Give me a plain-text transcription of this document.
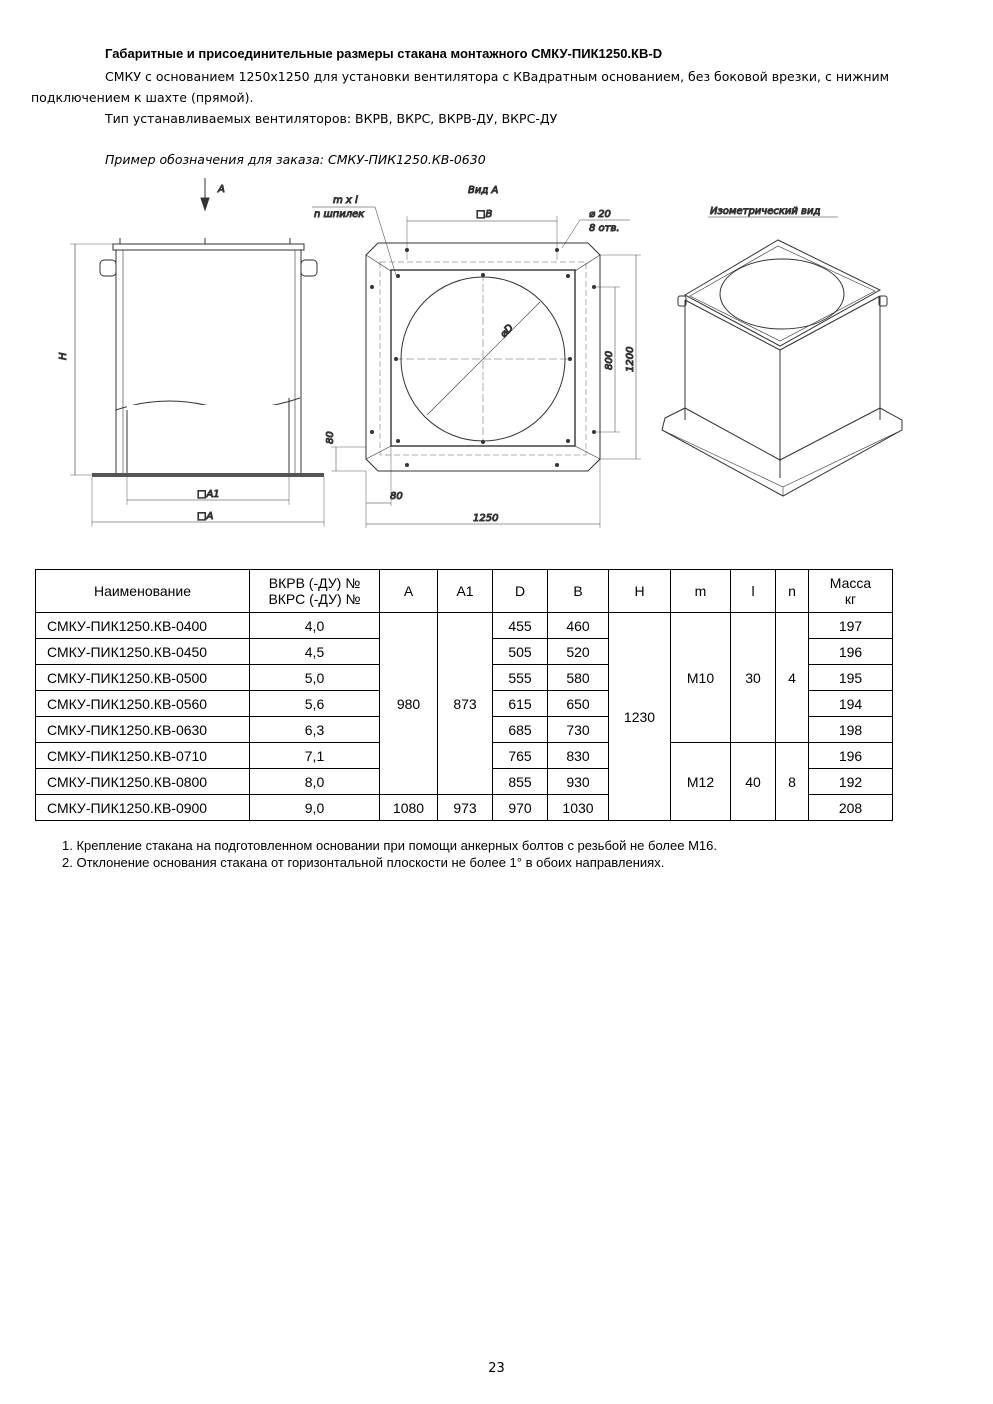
Габаритные и присоединительные размеры стакана монтажного СМКУ-ПИК1250.КВ-D
СМКУ с основанием 1250х1250 для установки вентилятора с КВадратным основанием, без боковой врезки, с нижним
подключением к шахте (прямой).
Тип устанавливаемых вентиляторов: ВКРВ, ВКРС, ВКРВ-ДУ, ВКРС-ДУ
Пример обозначения для заказа: СМКУ-ПИК1250.КВ-0630
A
H
□A1
□A
Вид A
m x l
n шпилек	□B	⌀ 20
8 отв.
⌀D
800 1200
80
80
1250
Изометрический вид
Наименование	ВКРВ (-ДУ) №
ВКРС (-ДУ) №	A	A1	D	B	H	m	l	n	Масса
кг
СМКУ-ПИК1250.КВ-0400	4,0	980	873	455	460	1230	M10	30	4	197
СМКУ-ПИК1250.КВ-0450	4,5			505	520					196
СМКУ-ПИК1250.КВ-0500	5,0			555	580					195
СМКУ-ПИК1250.КВ-0560	5,6			615	650					194
СМКУ-ПИК1250.КВ-0630	6,3			685	730					198
СМКУ-ПИК1250.КВ-0710	7,1			765	830		M12	40	8	196
СМКУ-ПИК1250.КВ-0800	8,0			855	930					192
СМКУ-ПИК1250.КВ-0900	9,0	1080	973	970	1030					208
1. Крепление стакана на подготовленном основании при помощи анкерных болтов с резьбой не более М16.
2. Отклонение основания стакана от горизонтальной плоскости не более 1° в обоих направлениях.
23
